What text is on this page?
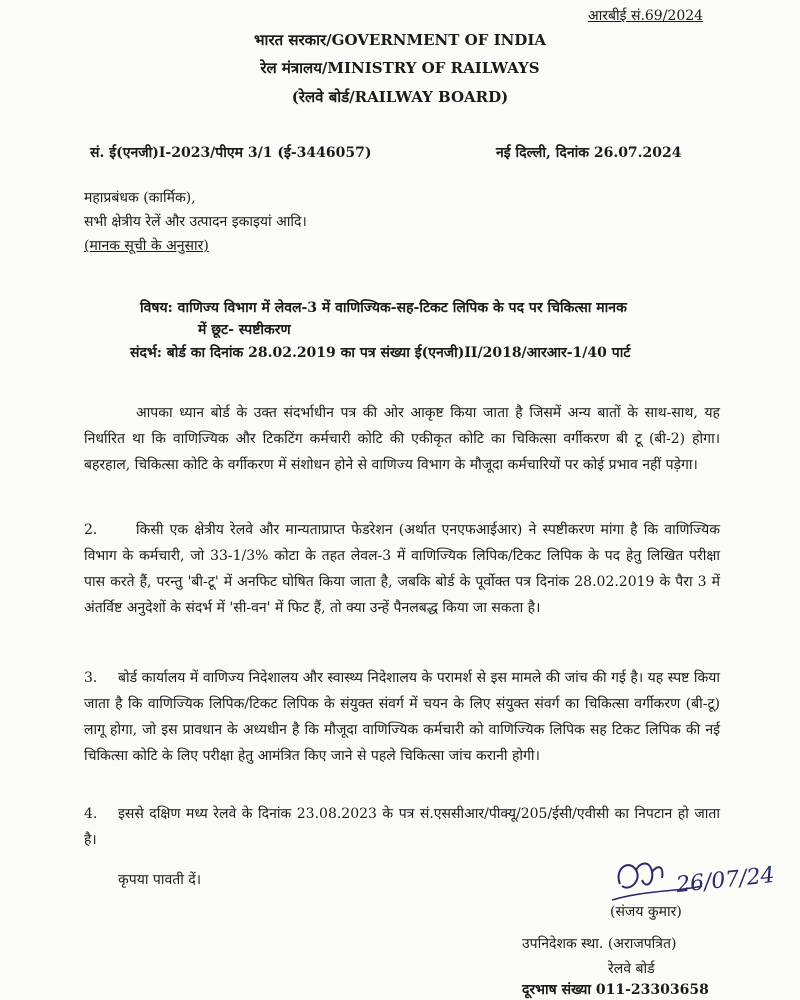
आरबीई सं.69/2024

भारत सरकार/GOVERNMENT OF INDIA

रेल मंत्रालय/MINISTRY OF RAILWAYS

(रेलवे बोर्ड/RAILWAY BOARD)

सं. ई(एनजी)I-2023/पीएम 3/1 (ई-3446057)	नई दिल्ली, दिनांक 26.07.2024

महाप्रबंधक (कार्मिक),

सभी क्षेत्रीय रेलें और उत्पादन इकाइयां आदि।

(मानक सूची के अनुसार)

विषय: वाणिज्य विभाग में लेवल-3 में वाणिज्यिक-सह-टिकट लिपिक के पद पर चिकित्सा मानक
में छूट- स्पष्टीकरण

संदर्भ: बोर्ड का दिनांक 28.02.2019 का पत्र संख्या ई(एनजी)II/2018/आरआर-1/40 पार्ट

आपका ध्यान बोर्ड के उक्त संदर्भाधीन पत्र की ओर आकृष्ट किया जाता है जिसमें अन्य बातों के साथ-साथ, यह निर्धारित था कि वाणिज्यिक और टिकटिंग कर्मचारी कोटि की एकीकृत कोटि का चिकित्सा वर्गीकरण बी टू (बी-2) होगा। बहरहाल, चिकित्सा कोटि के वर्गीकरण में संशोधन होने से वाणिज्य विभाग के मौजूदा कर्मचारियों पर कोई प्रभाव नहीं पड़ेगा।

2.	किसी एक क्षेत्रीय रेलवे और मान्यताप्राप्त फेडरेशन (अर्थात एनएफआईआर) ने स्पष्टीकरण मांगा है कि वाणिज्यिक विभाग के कर्मचारी, जो 33-1/3% कोटा के तहत लेवल-3 में वाणिज्यिक लिपिक/टिकट लिपिक के पद हेतु लिखित परीक्षा पास करते हैं, परन्तु 'बी-टू' में अनफिट घोषित किया जाता है, जबकि बोर्ड के पूर्वोक्त पत्र दिनांक 28.02.2019 के पैरा 3 में अंतर्विष्ट अनुदेशों के संदर्भ में 'सी-वन' में फिट हैं, तो क्या उन्हें पैनलबद्ध किया जा सकता है।

3. बोर्ड कार्यालय में वाणिज्य निदेशालय और स्वास्थ्य निदेशालय के परामर्श से इस मामले की जांच की गई है। यह स्पष्ट किया जाता है कि वाणिज्यिक लिपिक/टिकट लिपिक के संयुक्त संवर्ग में चयन के लिए संयुक्त संवर्ग का चिकित्सा वर्गीकरण (बी-टू) लागू होगा, जो इस प्रावधान के अध्यधीन है कि मौजूदा वाणिज्यिक कर्मचारी को वाणिज्यिक लिपिक सह टिकट लिपिक की नई चिकित्सा कोटि के लिए परीक्षा हेतु आमंत्रित किए जाने से पहले चिकित्सा जांच करानी होगी।

4. इससे दक्षिण मध्य रेलवे के दिनांक 23.08.2023 के पत्र सं.एससीआर/पीक्यू/205/ईसी/एवीसी का निपटान हो जाता है।

कृपया पावती दें।	26/07/24

(संजय कुमार)

उपनिदेशक स्था. (अराजपत्रित)

रेलवे बोर्ड

दूरभाष संख्या 011-23303658
